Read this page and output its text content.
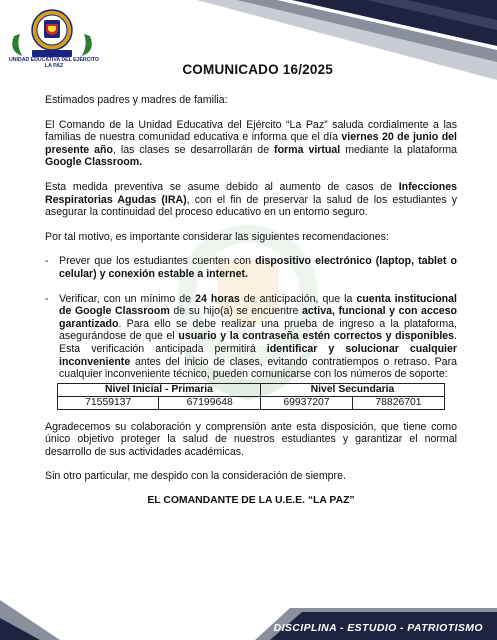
UNIDAD EDUCATIVA DEL EJÉRCITO
LA PAZ	COMUNICADO 16/2025

Estimados padres y madres de familia:

El Comando de la Unidad Educativa del Ejército “La Paz” saluda cordialmente a las familias de nuestra comunidad educativa e informa que el día viernes 20 de junio del presente año, las clases se desarrollarán de forma virtual mediante la plataforma Google Classroom.

Esta medida preventiva se asume debido al aumento de casos de Infecciones Respiratorias Agudas (IRA), con el fin de preservar la salud de los estudiantes y asegurar la continuidad del proceso educativo en un entorno seguro.

Por tal motivo, es importante considerar las siguientes recomendaciones:

- Prever que los estudiantes cuenten con dispositivo electrónico (laptop, tablet o celular) y conexión estable a internet.
- Verificar, con un mínimo de 24 horas de anticipación, que la cuenta institucional de Google Classroom de su hijo(a) se encuentre activa, funcional y con acceso garantizado. Para ello se debe realizar una prueba de ingreso a la plataforma, asegurándose de que el usuario y la contraseña estén correctos y disponibles. Esta verificación anticipada permitirá identificar y solucionar cualquier inconveniente antes del inicio de clases, evitando contratiempos o retraso. Para cualquier inconveniente técnico, pueden comunicarse con los números de soporte:
Nivel Inicial - Primaria		Nivel Secundaria	
71559137	67199648	69937207	78826701

Agradecemos su colaboración y comprensión ante esta disposición, que tiene como único objetivo proteger la salud de nuestros estudiantes y garantizar el normal desarrollo de sus actividades académicas.

Sin otro particular, me despido con la consideración de siempre.

EL COMANDANTE DE LA U.E.E. “LA PAZ”
DISCIPLINA - ESTUDIO - PATRIOTISMO
